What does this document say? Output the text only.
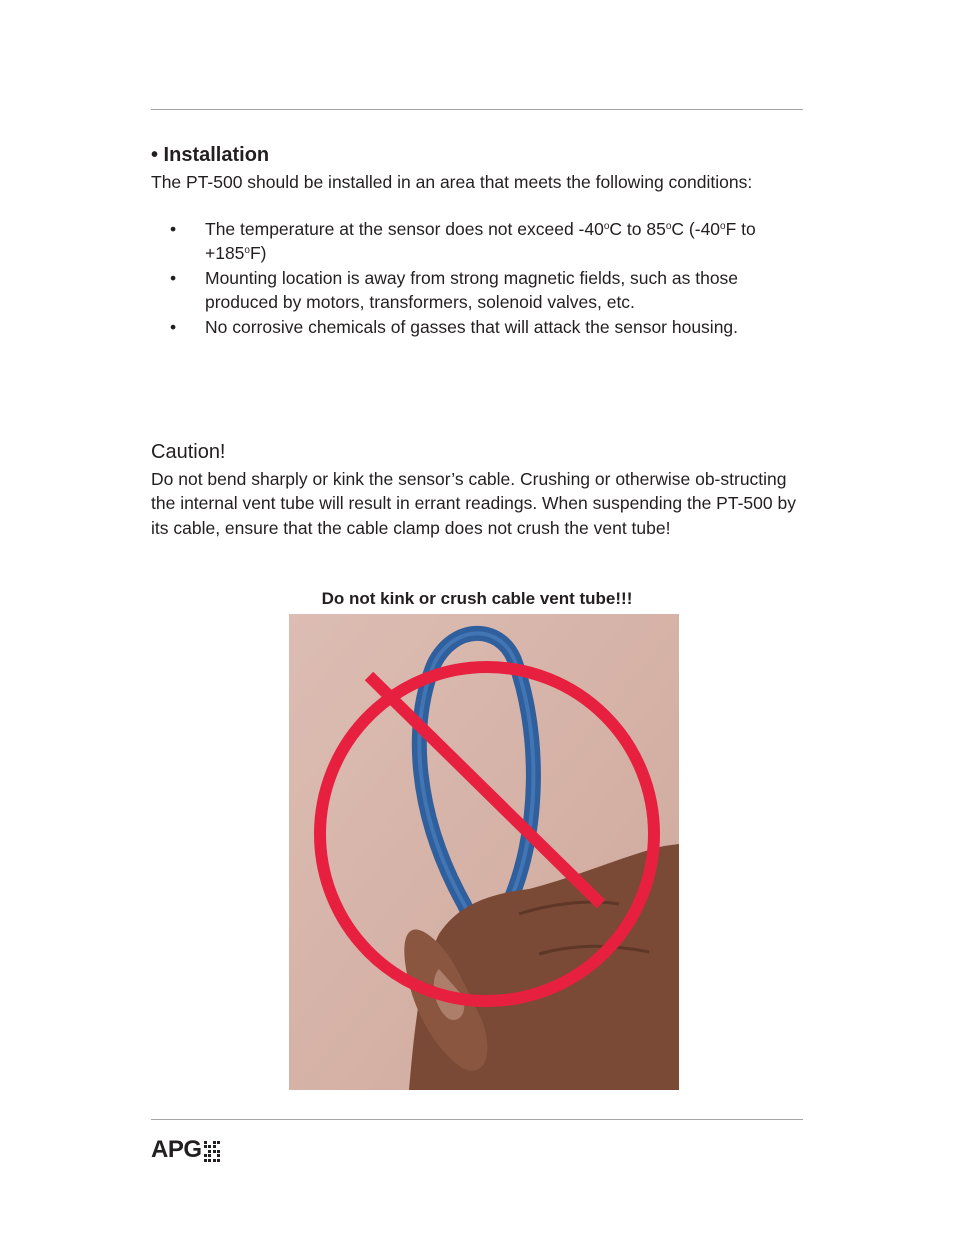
• Installation
The PT-500 should be installed in an area that meets the following conditions:
• The temperature at the sensor does not exceed -40$^o$C to 85$^o$C (-40$^o$F to $+185^oF$)
• Mounting location is away from strong magnetic fields, such as those produced by motors, transformers, solenoid valves, etc.
• No corrosive chemicals of gasses that will attack the sensor housing.
Caution!
Do not bend sharply or kink the sensor’s cable. Crushing or otherwise ob-structing the internal vent tube will result in errant readings. When suspending the PT-500 by its cable, ensure that the cable clamp does not crush the vent tube!
Do not kink or crush cable vent tube!!!
APG
